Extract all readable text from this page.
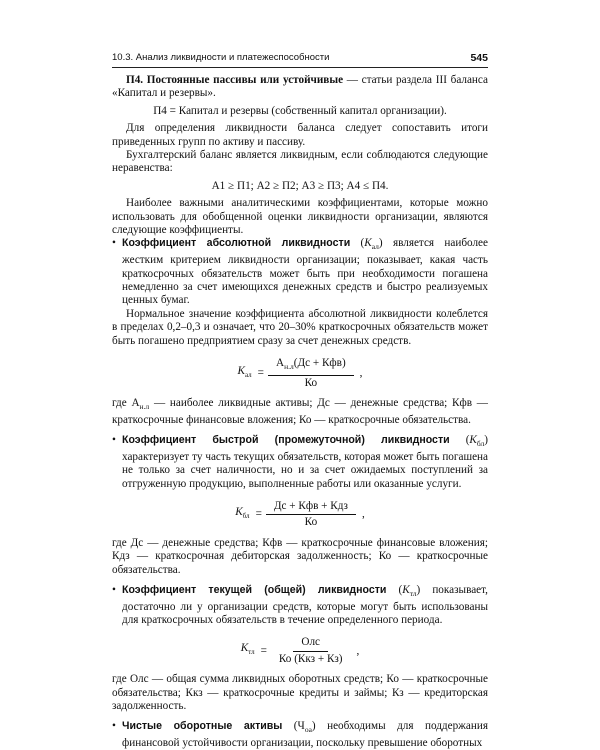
10.3. Анализ ликвидности и платежеспособности	545

П4. Постоянные пассивы или устойчивые — статьи раздела III баланса «Капитал и резервы».

П4 = Капитал и резервы (собственный капитал организации).

Для определения ликвидности баланса следует сопоставить итоги приведенных групп по активу и пассиву.

Бухгалтерский баланс является ликвидным, если соблюдаются следующие неравенства:

А1 ≥ П1; А2 ≥ П2; А3 ≥ П3; А4 ≤ П4.

Наиболее важными аналитическими коэффициентами, которые можно использовать для обобщенной оценки ликвидности организации, являются следующие коэффициенты.

• Коэффициент абсолютной ликвидности $(K_{ал})$ является наиболее жестким критерием ликвидности организации; показывает, какая часть краткосрочных обязательств может быть при необходимости погашена немедленно за счет имеющихся денежных средств и быстро реализуемых ценных бумаг.

Нормальное значение коэффициента абсолютной ликвидности колеблется в пределах 0,2–0,3 и означает, что 20–30% краткосрочных обязательств может быть погашено предприятием сразу за счет денежных средств.

$K_{ал} = \frac{А_{н.л}(Дс + Кфв)}{Ко}$ ,

где $А_{н.л}$ — наиболее ликвидные активы; Дс — денежные средства; Кфв — краткосрочные финансовые вложения; Ко — краткосрочные обязательства.

• Коэффициент быстрой (промежуточной) ликвидности $(K_{бл})$ характеризует ту часть текущих обязательств, которая может быть погашена не только за счет наличности, но и за счет ожидаемых поступлений за отгруженную продукцию, выполненные работы или оказанные услуги.

$K_{бл} = \frac{\text{Дс + Кфв + Кдз}}{Ко}$ ,

где Дс — денежные средства; Кфв — краткосрочные финансовые вложения; Кдз — краткосрочная дебиторская задолженность; Ко — краткосрочные обязательства.

• Коэффициент текущей (общей) ликвидности $(K_{тл})$ показывает, достаточно ли у организации средств, которые могут быть использованы для краткосрочных обязательств в течение определенного периода.

$K_{тл} = \frac{\text{Олс}}{\text{Ко (Ккз + Кз)}}$ ,

где Олс — общая сумма ликвидных оборотных средств; Ко — краткосрочные обязательства; Ккз — краткосрочные кредиты и займы; Кз — кредиторская задолженность.

• Чистые оборотные активы $(Ч_{оа})$ необходимы для поддержания финансовой устойчивости организации, поскольку превышение оборотных
